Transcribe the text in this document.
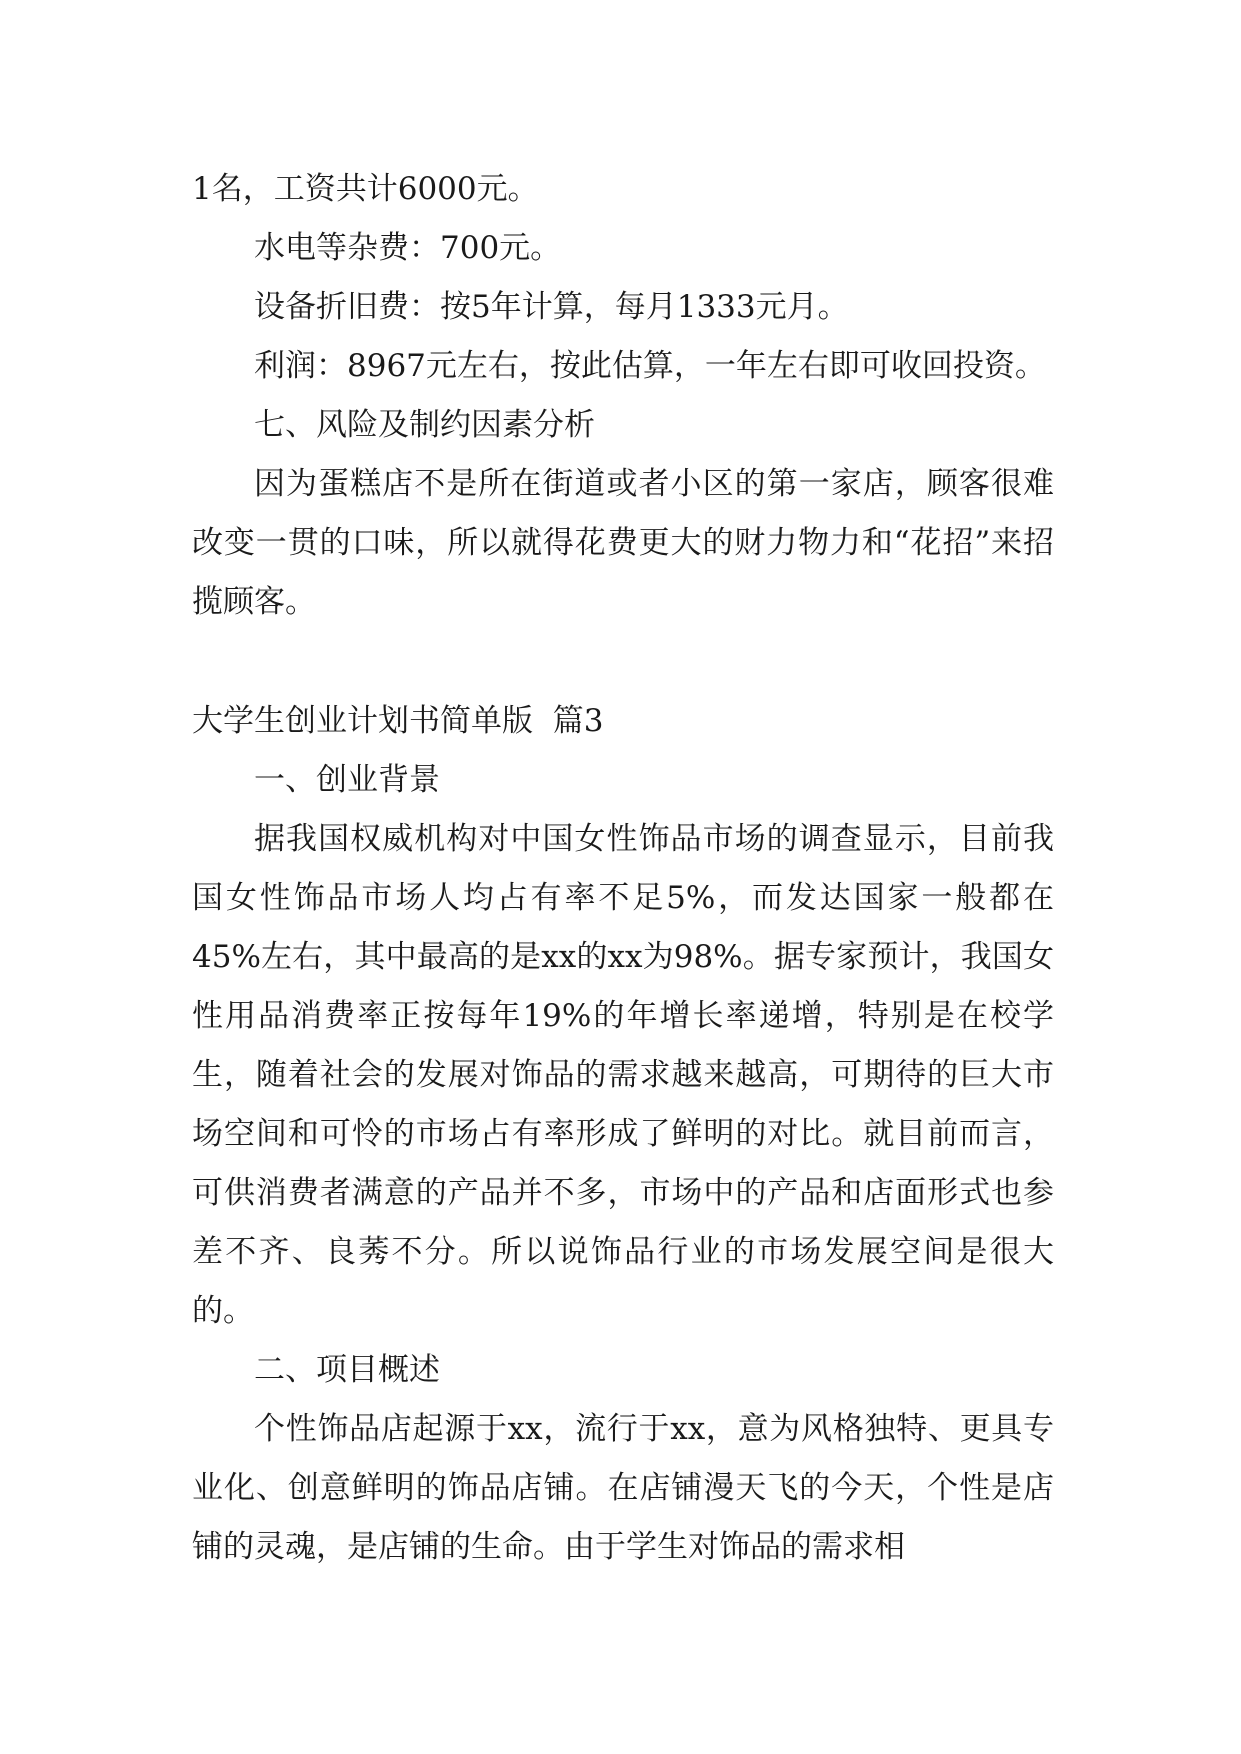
1名，工资共计6000元。

水电等杂费：700元。

设备折旧费：按5年计算，每月1333元月。

利润：8967元左右，按此估算，一年左右即可收回投资。

七、风险及制约因素分析

因为蛋糕店不是所在街道或者小区的第一家店，顾客很难改变一贯的口味，所以就得花费更大的财力物力和“花招”来招揽顾客。

大学生创业计划书简单版  篇3

一、创业背景

据我国权威机构对中国女性饰品市场的调查显示，目前我国女性饰品市场人均占有率不足5%，而发达国家一般都在45%左右，其中最高的是xx的xx为98%。据专家预计，我国女性用品消费率正按每年19%的年增长率递增，特别是在校学生，随着社会的发展对饰品的需求越来越高，可期待的巨大市场空间和可怜的市场占有率形成了鲜明的对比。就目前而言，可供消费者满意的产品并不多，市场中的产品和店面形式也参差不齐、良莠不分。所以说饰品行业的市场发展空间是很大的。

二、项目概述

个性饰品店起源于xx，流行于xx，意为风格独特、更具专业化、创意鲜明的饰品店铺。在店铺漫天飞的今天，个性是店铺的灵魂，是店铺的生命。由于学生对饰品的需求相
